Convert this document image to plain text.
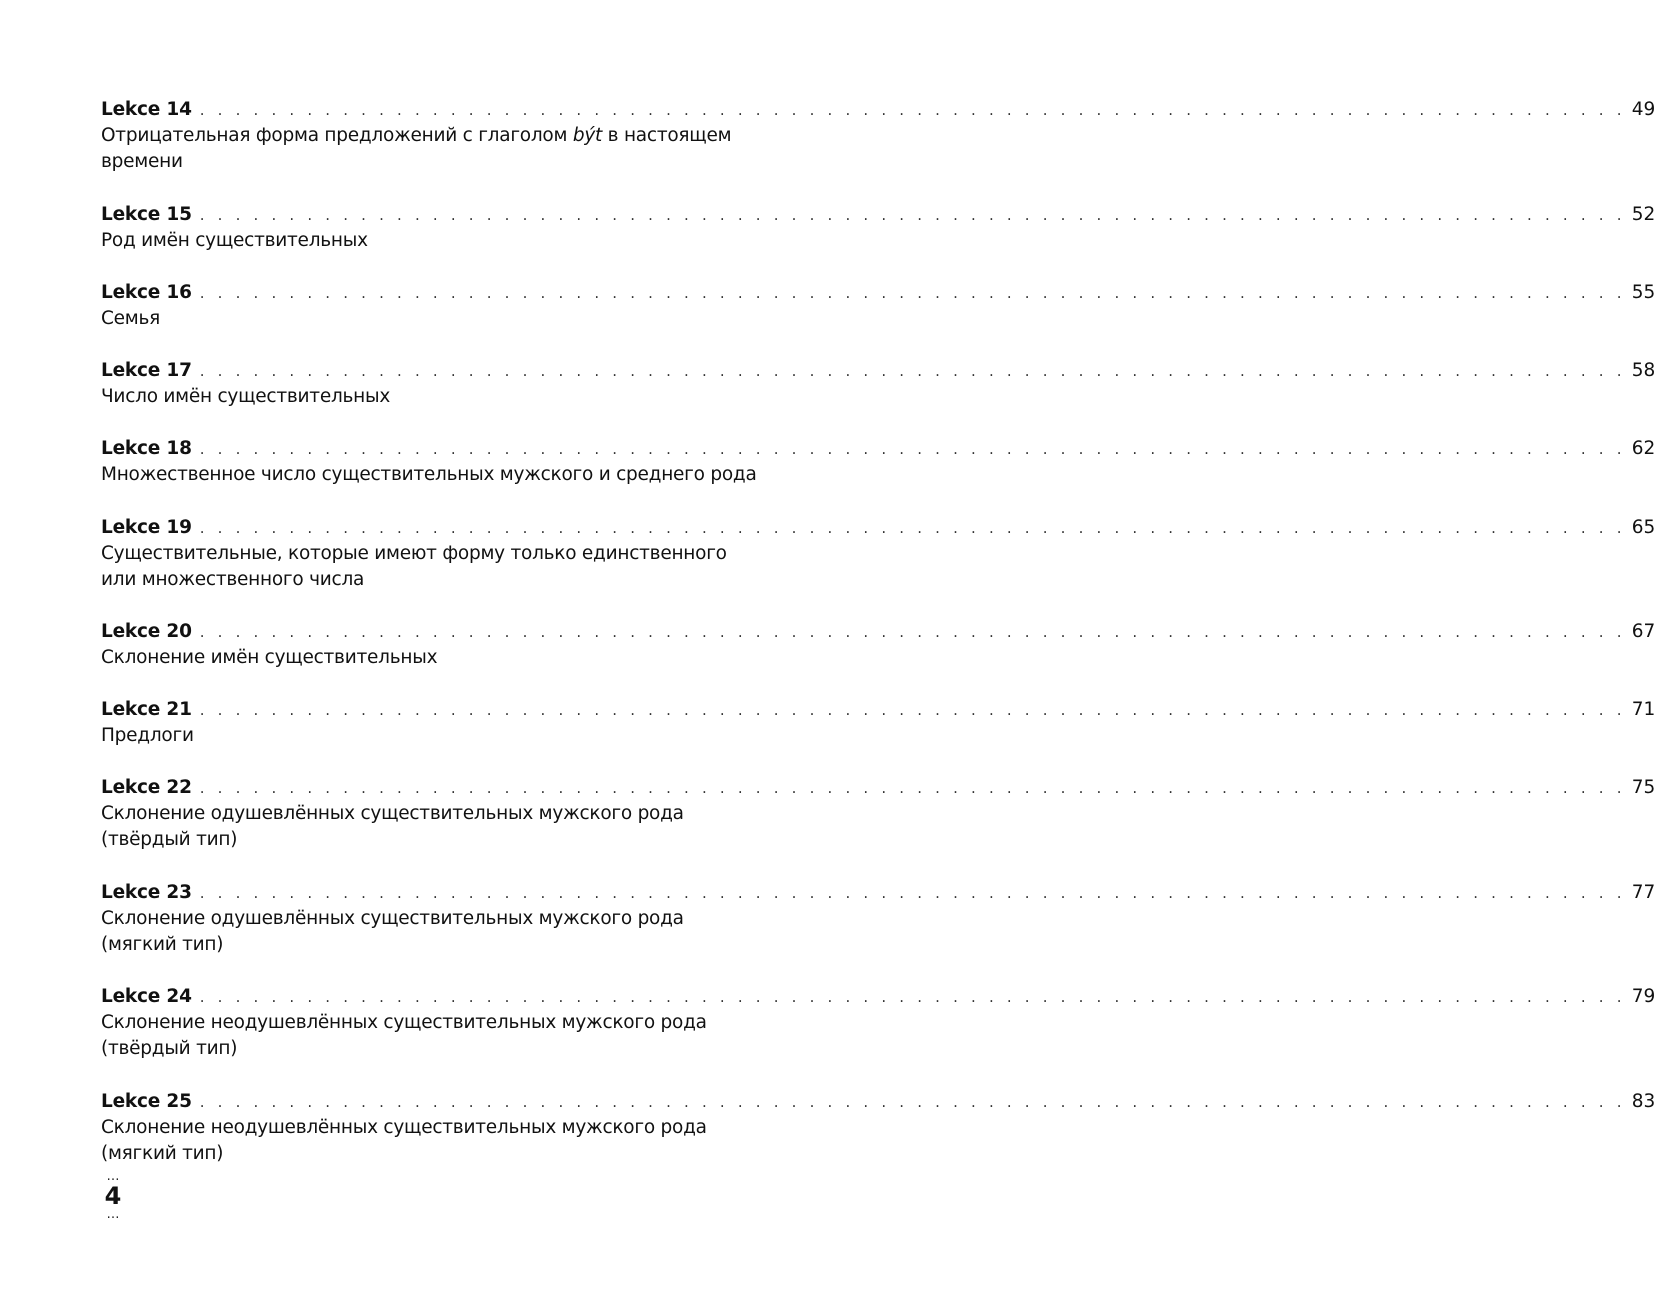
Lekce 14 . . . . . . . . . . . . . . . . . . . . . . . . . . . . . . . . . . . . . . . . . . . . . . . . . . . . . . . . . . . . . . . . . . . . . . . . . . . . . . . . 49
Отрицательная форма предложений с глаголом být в настоящем времени
Lekce 15 . . . . . . . . . . . . . . . . . . . . . . . . . . . . . . . . . . . . . . . . . . . . . . . . . . . . . . . . . . . . . . . . . . . . . . . . . . . . . . . . 52
Род имён существительных
Lekce 16 . . . . . . . . . . . . . . . . . . . . . . . . . . . . . . . . . . . . . . . . . . . . . . . . . . . . . . . . . . . . . . . . . . . . . . . . . . . . . . . . 55
Семья
Lekce 17 . . . . . . . . . . . . . . . . . . . . . . . . . . . . . . . . . . . . . . . . . . . . . . . . . . . . . . . . . . . . . . . . . . . . . . . . . . . . . . . . 58
Число имён существительных
Lekce 18 . . . . . . . . . . . . . . . . . . . . . . . . . . . . . . . . . . . . . . . . . . . . . . . . . . . . . . . . . . . . . . . . . . . . . . . . . . . . . . . . 62
Множественное число существительных мужского и среднего рода
Lekce 19 . . . . . . . . . . . . . . . . . . . . . . . . . . . . . . . . . . . . . . . . . . . . . . . . . . . . . . . . . . . . . . . . . . . . . . . . . . . . . . . . 65
Существительные, которые имеют форму только единственного или множественного числа
Lekce 20 . . . . . . . . . . . . . . . . . . . . . . . . . . . . . . . . . . . . . . . . . . . . . . . . . . . . . . . . . . . . . . . . . . . . . . . . . . . . . . . . 67
Склонение имён существительных
Lekce 21 . . . . . . . . . . . . . . . . . . . . . . . . . . . . . . . . . . . . . . . . . . . . . . . . . . . . . . . . . . . . . . . . . . . . . . . . . . . . . . . . 71
Предлоги
Lekce 22 . . . . . . . . . . . . . . . . . . . . . . . . . . . . . . . . . . . . . . . . . . . . . . . . . . . . . . . . . . . . . . . . . . . . . . . . . . . . . . . . 75
Склонение одушевлённых существительных мужского рода (твёрдый тип)
Lekce 23 . . . . . . . . . . . . . . . . . . . . . . . . . . . . . . . . . . . . . . . . . . . . . . . . . . . . . . . . . . . . . . . . . . . . . . . . . . . . . . . . 77
Склонение одушевлённых существительных мужского рода (мягкий тип)
Lekce 24 . . . . . . . . . . . . . . . . . . . . . . . . . . . . . . . . . . . . . . . . . . . . . . . . . . . . . . . . . . . . . . . . . . . . . . . . . . . . . . . . 79
Склонение неодушевлённых существительных мужского рода (твёрдый тип)
Lekce 25 . . . . . . . . . . . . . . . . . . . . . . . . . . . . . . . . . . . . . . . . . . . . . . . . . . . . . . . . . . . . . . . . . . . . . . . . . . . . . . . . 83
Склонение неодушевлённых существительных мужского рода (мягкий тип)
…
4
…
